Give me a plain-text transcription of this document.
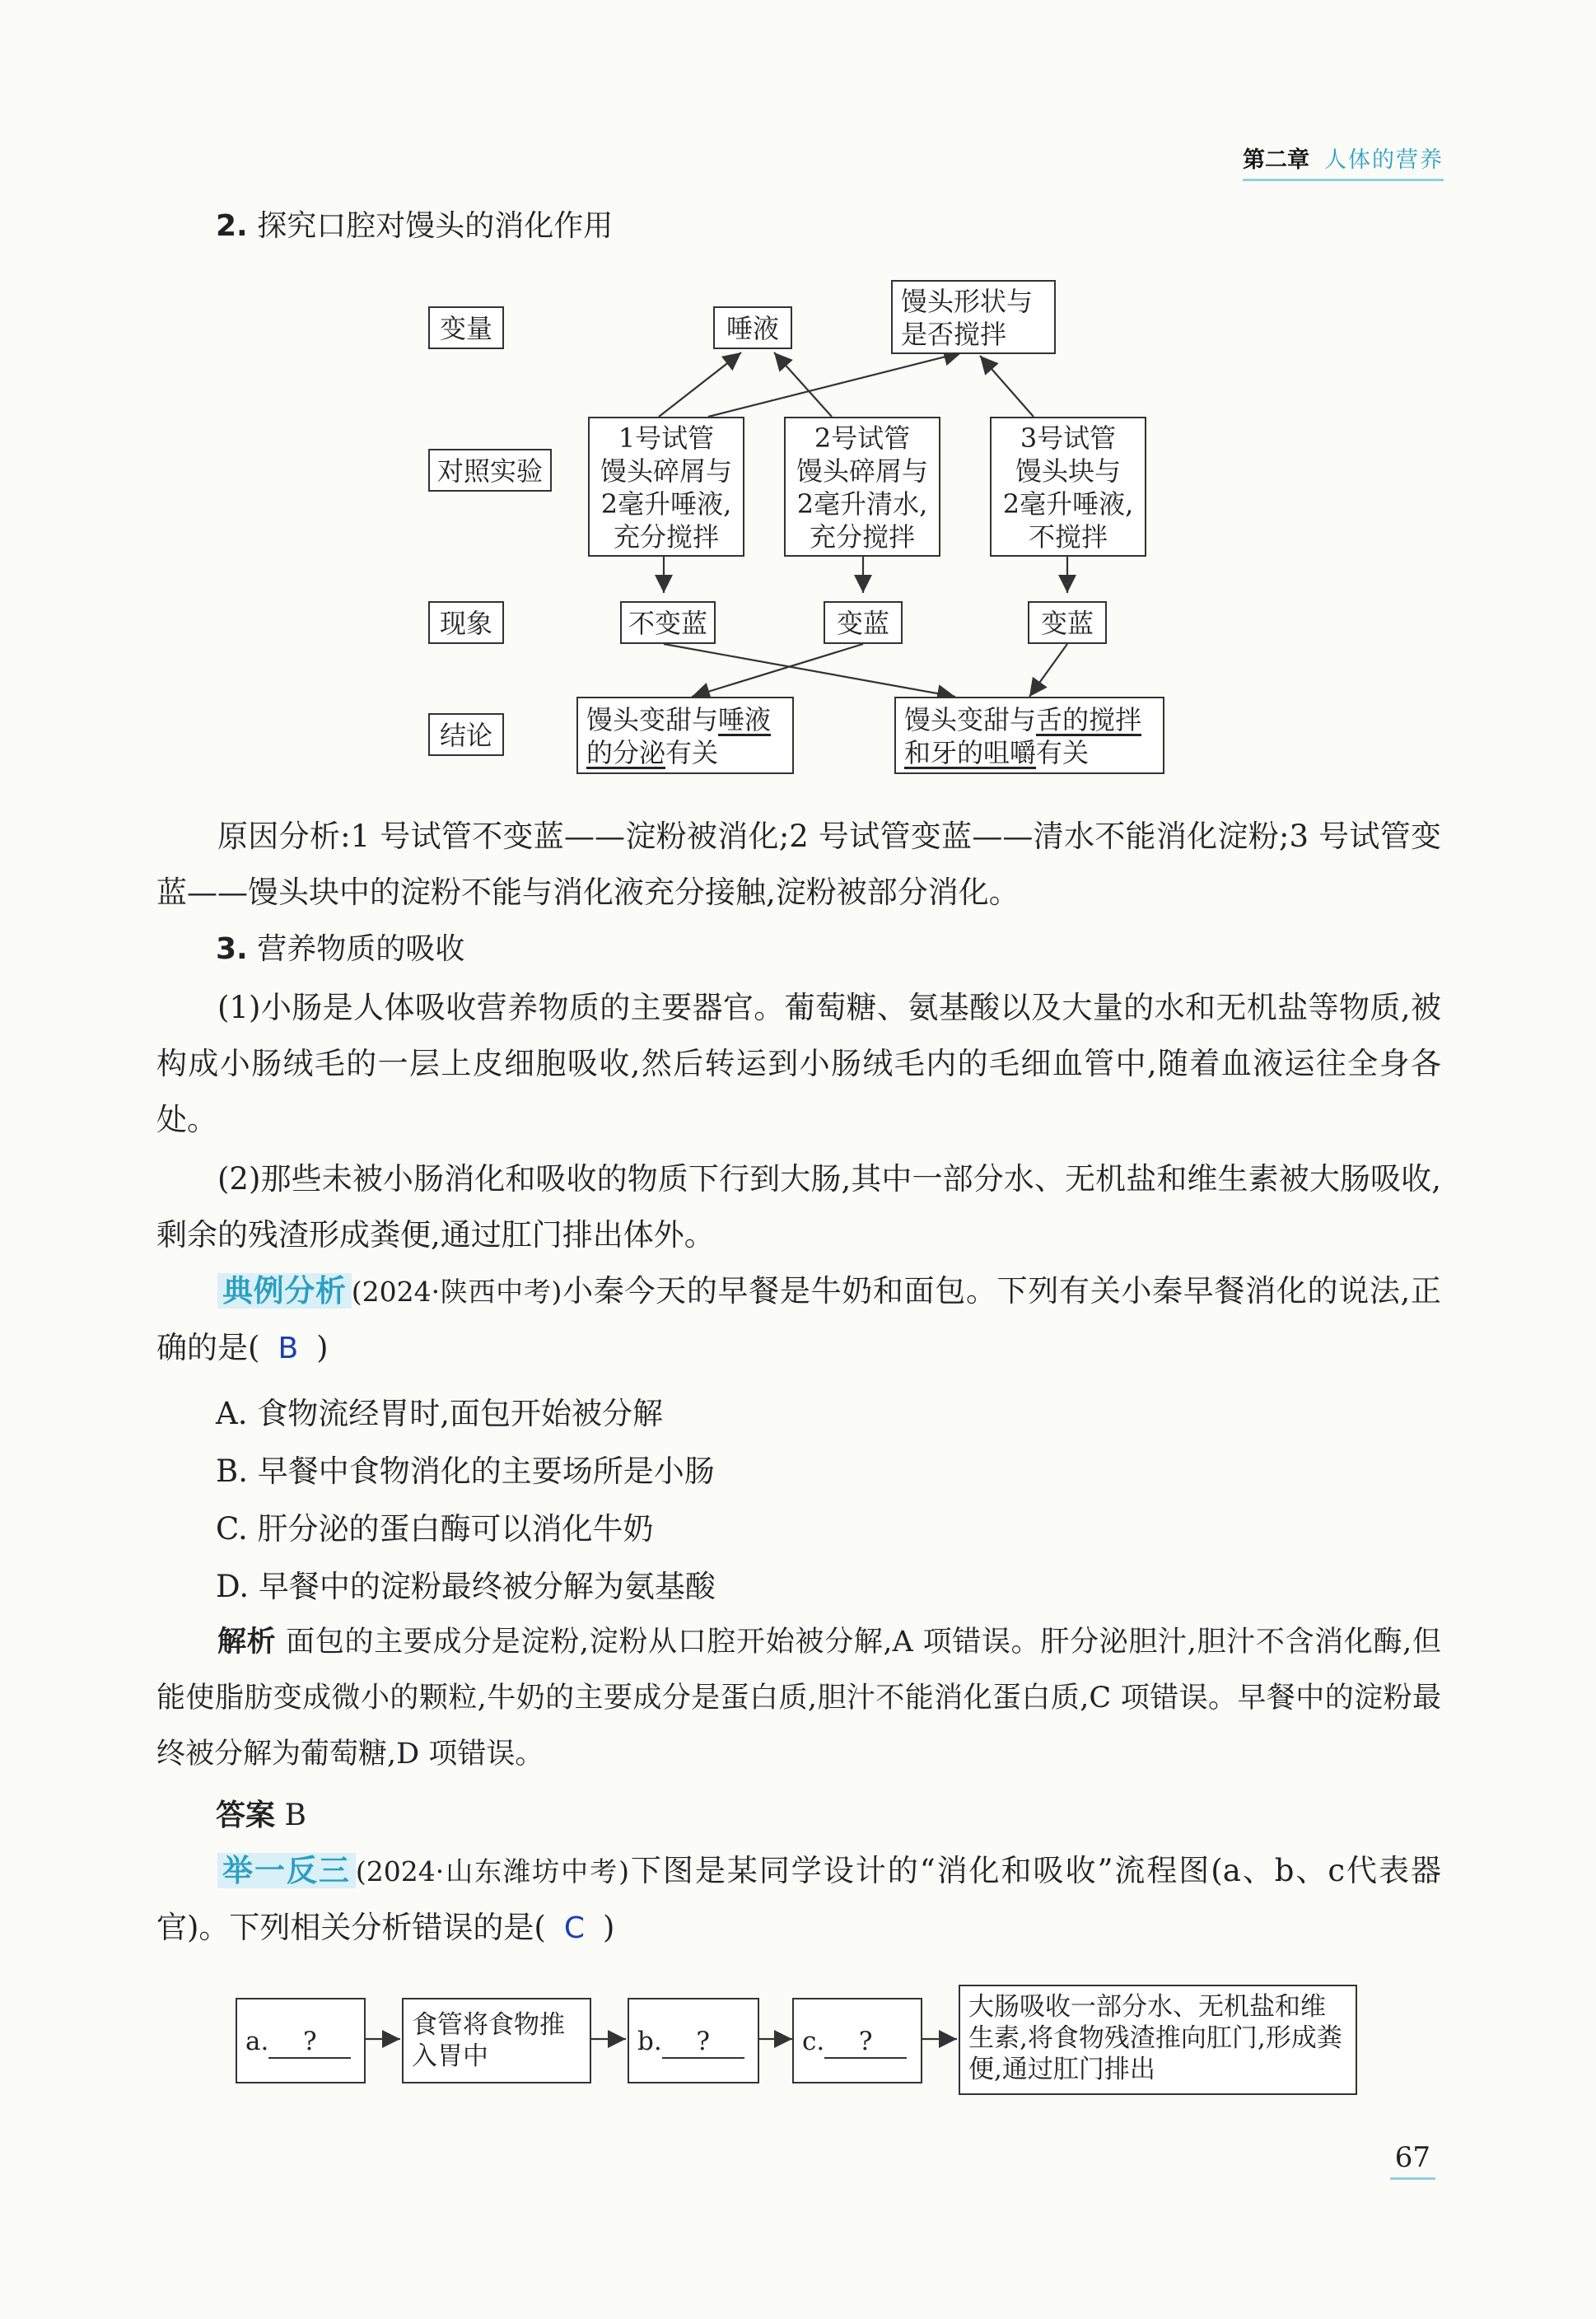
第二章 人体的营养
2. 探究口腔对馒头的消化作用
变量
对照实验
现象
结论
唾液
馒头形状与
是否搅拌
1号试管
馒头碎屑与
2毫升唾液,
充分搅拌
2号试管
馒头碎屑与
2毫升清水,
充分搅拌
3号试管
馒头块与
2毫升唾液,
不搅拌
不变蓝	变蓝	变蓝
馒头变甜与唾液
的分泌有关
馒头变甜与舌的搅拌
和牙的咀嚼有关
原因分析:1 号试管不变蓝——淀粉被消化;2 号试管变蓝——清水不能消化淀粉;3 号试管变蓝——馒头块中的淀粉不能与消化液充分接触,淀粉被部分消化。
3. 营养物质的吸收
(1)小肠是人体吸收营养物质的主要器官。葡萄糖、氨基酸以及大量的水和无机盐等物质,被构成小肠绒毛的一层上皮细胞吸收,然后转运到小肠绒毛内的毛细血管中,随着血液运往全身各处。
(2)那些未被小肠消化和吸收的物质下行到大肠,其中一部分水、无机盐和维生素被大肠吸收,剩余的残渣形成粪便,通过肛门排出体外。
典例分析 (2024·陕西中考)小秦今天的早餐是牛奶和面包。下列有关小秦早餐消化的说法,正确的是( B )
A. 食物流经胃时,面包开始被分解
B. 早餐中食物消化的主要场所是小肠
C. 肝分泌的蛋白酶可以消化牛奶
D. 早餐中的淀粉最终被分解为氨基酸
解析 面包的主要成分是淀粉,淀粉从口腔开始被分解,A 项错误。肝分泌胆汁,胆汁不含消化酶,但能使脂肪变成微小的颗粒,牛奶的主要成分是蛋白质,胆汁不能消化蛋白质,C 项错误。早餐中的淀粉最终被分解为葡萄糖,D 项错误。
答案 B
举一反三 (2024·山东潍坊中考)下图是某同学设计的“消化和吸收”流程图(a、b、c代表器官)。下列相关分析错误的是( C )
a. ?
食管将食物推入胃中	b. ?	c. ?
大肠吸收一部分水、无机盐和维生素,将食物残渣推向肛门,形成粪便,通过肛门排出
67
